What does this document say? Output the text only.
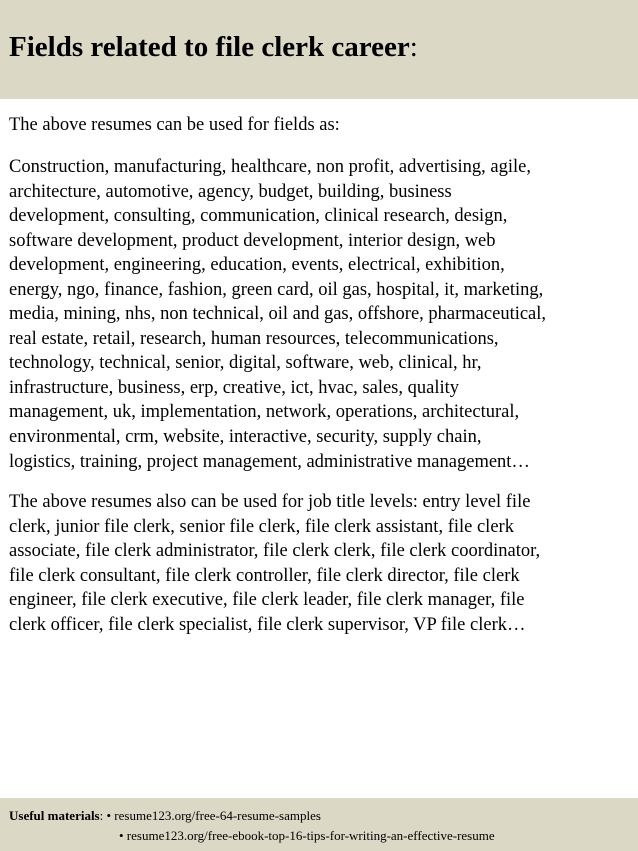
Fields related to file clerk career:

The above resumes can be used for fields as:

Construction, manufacturing, healthcare, non profit, advertising, agile,
architecture, automotive, agency, budget, building, business
development, consulting, communication, clinical research, design,
software development, product development, interior design, web
development, engineering, education, events, electrical, exhibition,
energy, ngo, finance, fashion, green card, oil gas, hospital, it, marketing,
media, mining, nhs, non technical, oil and gas, offshore, pharmaceutical,
real estate, retail, research, human resources, telecommunications,
technology, technical, senior, digital, software, web, clinical, hr,
infrastructure, business, erp, creative, ict, hvac, sales, quality
management, uk, implementation, network, operations, architectural,
environmental, crm, website, interactive, security, supply chain,
logistics, training, project management, administrative management…

The above resumes also can be used for job title levels: entry level file
clerk, junior file clerk, senior file clerk, file clerk assistant, file clerk
associate, file clerk administrator, file clerk clerk, file clerk coordinator,
file clerk consultant, file clerk controller, file clerk director, file clerk
engineer, file clerk executive, file clerk leader, file clerk manager, file
clerk officer, file clerk specialist, file clerk supervisor, VP file clerk…

Useful materials: • resume123.org/free-64-resume-samples
• resume123.org/free-ebook-top-16-tips-for-writing-an-effective-resume
